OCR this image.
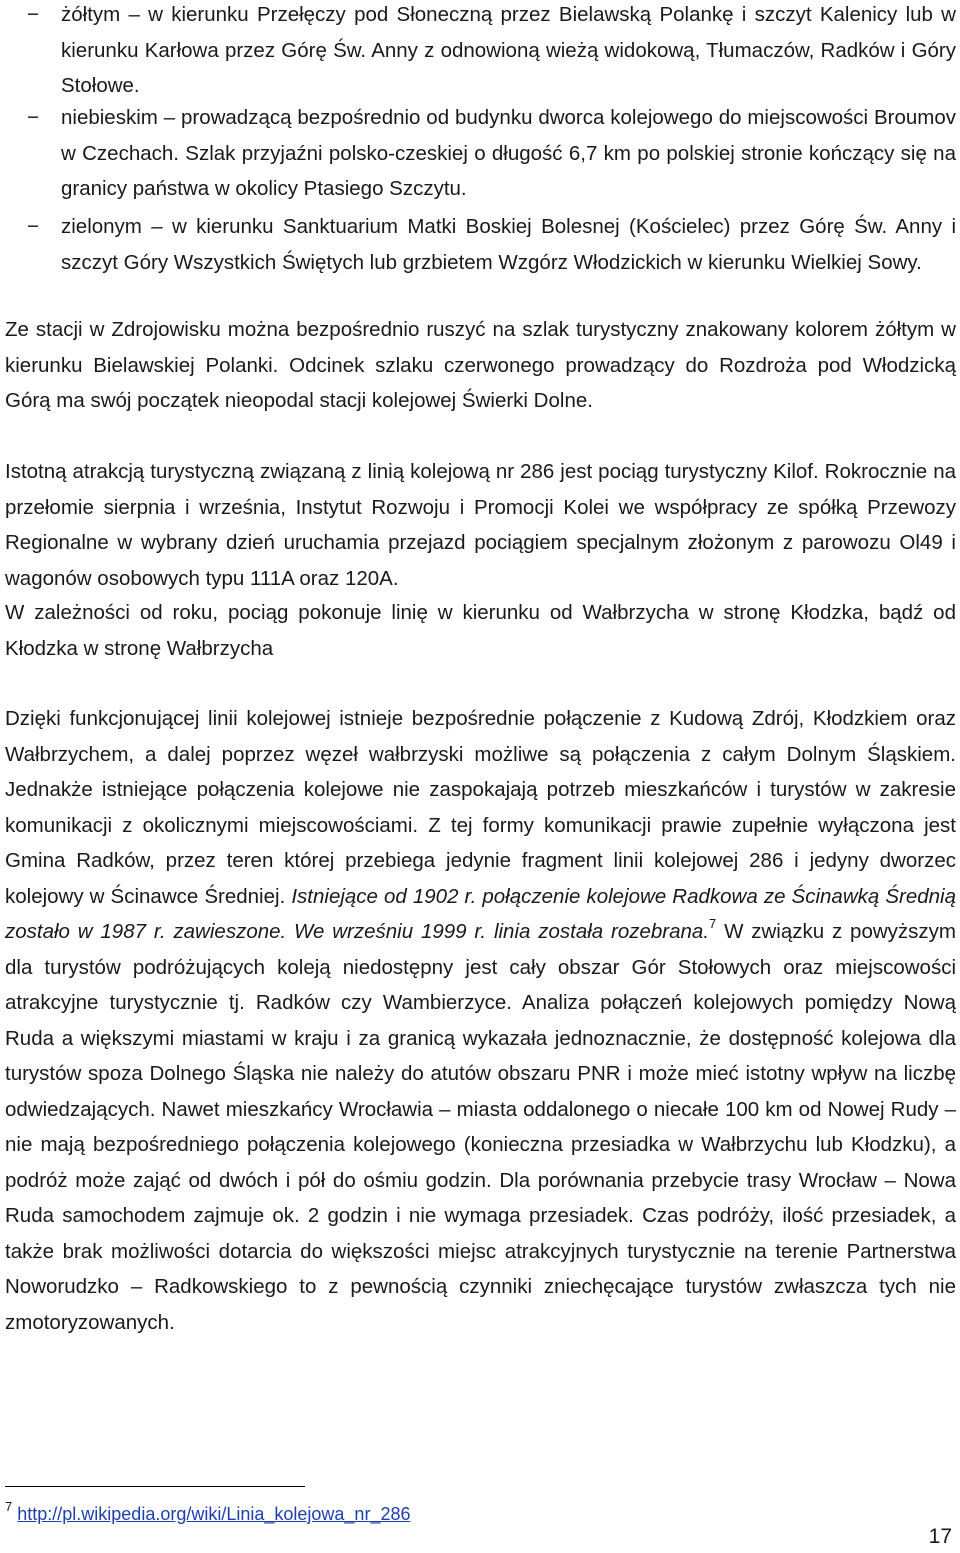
− żółtym – w kierunku Przełęczy pod Słoneczną przez Bielawską Polankę i szczyt Kalenicy lub w kierunku Karłowa przez Górę Św. Anny z odnowioną wieżą widokową, Tłumaczów, Radków i Góry Stołowe.
− niebieskim – prowadzącą bezpośrednio od budynku dworca kolejowego do miejscowości Broumov w Czechach. Szlak przyjaźni polsko-czeskiej o długość 6,7 km po polskiej stronie kończący się na granicy państwa w okolicy Ptasiego Szczytu.
− zielonym – w kierunku Sanktuarium Matki Boskiej Bolesnej (Kościelec) przez Górę Św. Anny i szczyt Góry Wszystkich Świętych lub grzbietem Wzgórz Włodzickich w kierunku Wielkiej Sowy.
Ze stacji w Zdrojowisku można bezpośrednio ruszyć na szlak turystyczny znakowany kolorem żółtym w kierunku Bielawskiej Polanki. Odcinek szlaku czerwonego prowadzący do Rozdroża pod Włodzicką Górą ma swój początek nieopodal stacji kolejowej Świerki Dolne.
Istotną atrakcją turystyczną związaną z linią kolejową nr 286 jest pociąg turystyczny Kilof. Rokrocznie na przełomie sierpnia i września, Instytut Rozwoju i Promocji Kolei we współpracy ze spółką Przewozy Regionalne w wybrany dzień uruchamia przejazd pociągiem specjalnym złożonym z parowozu Ol49 i wagonów osobowych typu 111A oraz 120A.
W zależności od roku, pociąg pokonuje linię w kierunku od Wałbrzycha w stronę Kłodzka, bądź od Kłodzka w stronę Wałbrzycha
Dzięki funkcjonującej linii kolejowej istnieje bezpośrednie połączenie z Kudową Zdrój, Kłodzkiem oraz Wałbrzychem, a dalej poprzez węzeł wałbrzyski możliwe są połączenia z całym Dolnym Śląskiem. Jednakże istniejące połączenia kolejowe nie zaspokajają potrzeb mieszkańców i turystów w zakresie komunikacji z okolicznymi miejscowościami. Z tej formy komunikacji prawie zupełnie wyłączona jest Gmina Radków, przez teren której przebiega jedynie fragment linii kolejowej 286 i jedyny dworzec kolejowy w Ścinawce Średniej. Istniejące od 1902 r. połączenie kolejowe Radkowa ze Ścinawką Średnią zostało w 1987 r. zawieszone. We wrześniu 1999 r. linia została rozebrana.$^7$ W związku z powyższym dla turystów podróżujących koleją niedostępny jest cały obszar Gór Stołowych oraz miejscowości atrakcyjne turystycznie tj. Radków czy Wambierzyce. Analiza połączeń kolejowych pomiędzy Nową Ruda a większymi miastami w kraju i za granicą wykazała jednoznacznie, że dostępność kolejowa dla turystów spoza Dolnego Śląska nie należy do atutów obszaru PNR i może mieć istotny wpływ na liczbę odwiedzających. Nawet mieszkańcy Wrocławia – miasta oddalonego o niecałe 100 km od Nowej Rudy – nie mają bezpośredniego połączenia kolejowego (konieczna przesiadka w Wałbrzychu lub Kłodzku), a podróż może zająć od dwóch i pół do ośmiu godzin. Dla porównania przebycie trasy Wrocław – Nowa Ruda samochodem zajmuje ok. 2 godzin i nie wymaga przesiadek. Czas podróży, ilość przesiadek, a także brak możliwości dotarcia do większości miejsc atrakcyjnych turystycznie na terenie Partnerstwa Noworudzko – Radkowskiego to z pewnością czynniki zniechęcające turystów zwłaszcza tych nie zmotoryzowanych.
$^7$ http://pl.wikipedia.org/wiki/Linia_kolejowa_nr_286
17
